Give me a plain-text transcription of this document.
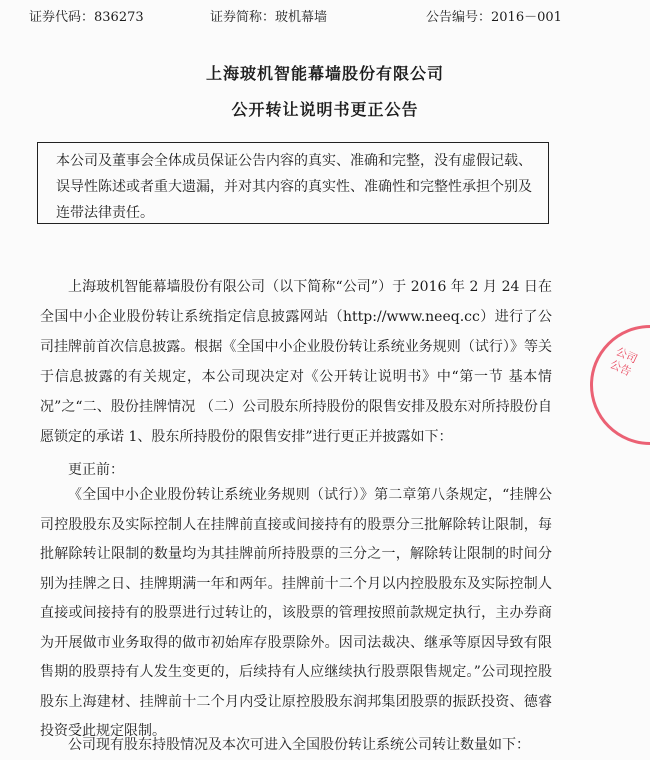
证券代码：836273	证券简称：玻机幕墙	公告编号：2016－001
上海玻机智能幕墙股份有限公司
公开转让说明书更正公告
本公司及董事会全体成员保证公告内容的真实、准确和完整，没有虚假记载、误导性陈述或者重大遗漏，并对其内容的真实性、准确性和完整性承担个别及连带法律责任。
上海玻机智能幕墙股份有限公司（以下简称“公司”）于 2016 年 2 月 24 日在全国中小企业股份转让系统指定信息披露网站（http://www.neeq.cc）进行了公司挂牌前首次信息披露。根据《全国中小企业股份转让系统业务规则（试行）》等关于信息披露的有关规定，本公司现决定对《公开转让说明书》中“第一节 基本情况”之“二、股份挂牌情况 （二）公司股东所持股份的限售安排及股东对所持股份自愿锁定的承诺 1、股东所持股份的限售安排”进行更正并披露如下：
更正前：
《全国中小企业股份转让系统业务规则（试行）》第二章第八条规定，“挂牌公司控股股东及实际控制人在挂牌前直接或间接持有的股票分三批解除转让限制，每批解除转让限制的数量均为其挂牌前所持股票的三分之一，解除转让限制的时间分别为挂牌之日、挂牌期满一年和两年。挂牌前十二个月以内控股股东及实际控制人直接或间接持有的股票进行过转让的，该股票的管理按照前款规定执行，主办券商为开展做市业务取得的做市初始库存股票除外。因司法裁决、继承等原因导致有限售期的股票持有人发生变更的，后续持有人应继续执行股票限售规定。”公司现控股股东上海建材、挂牌前十二个月内受让原控股股东润邦集团股票的振跃投资、德睿投资受此规定限制。
公司现有股东持股情况及本次可进入全国股份转让系统公司转让数量如下：
公司公告
